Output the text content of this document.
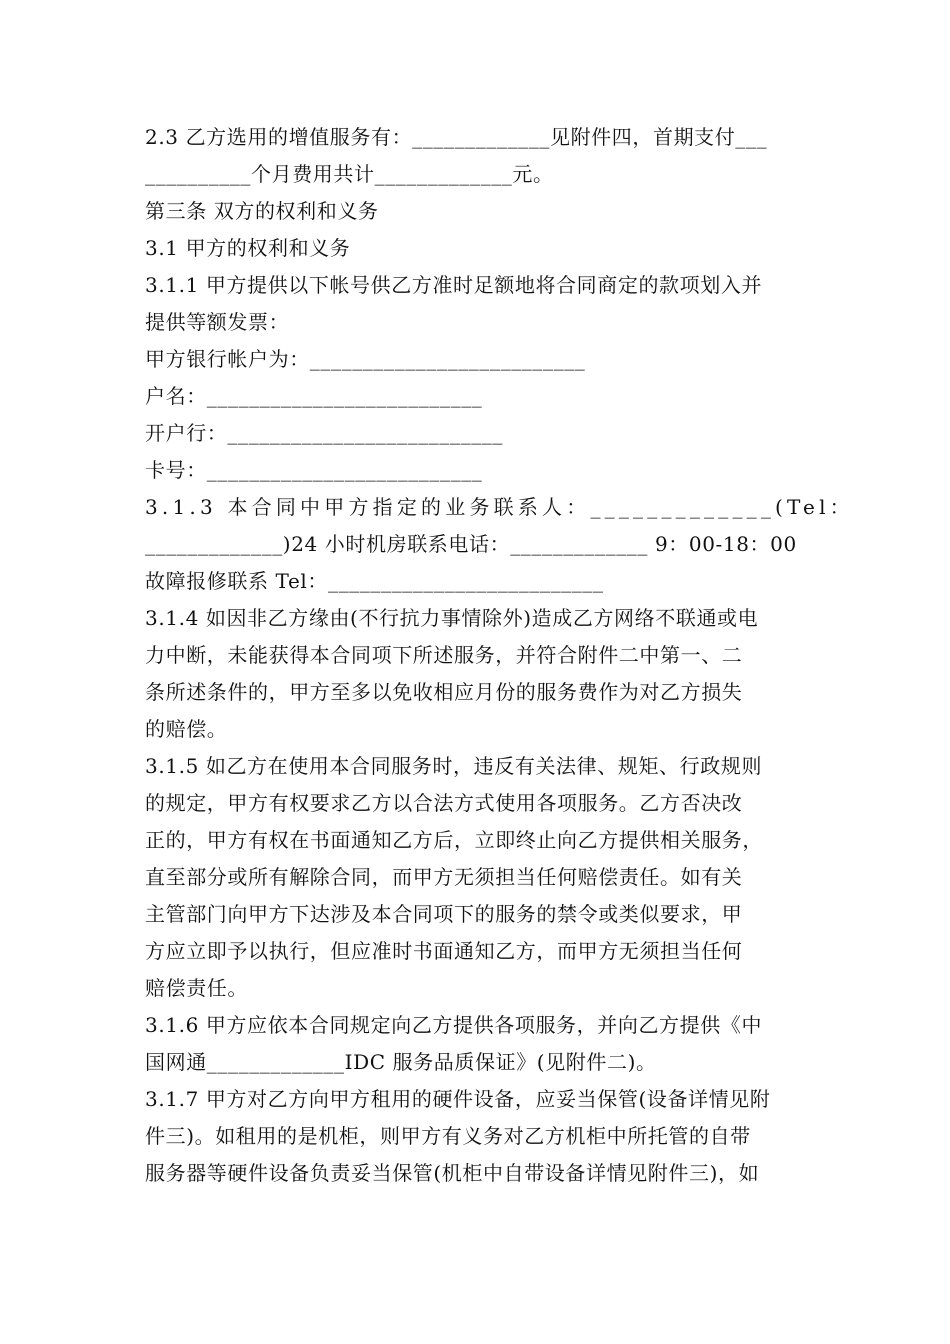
2.3 乙方选用的增值服务有：_____________见附件四，首期支付___
__________个月费用共计_____________元。
第三条 双方的权利和义务
3.1 甲方的权利和义务
3.1.1 甲方提供以下帐号供乙方准时足额地将合同商定的款项划入并
提供等额发票：
甲方银行帐户为：__________________________
户名：__________________________
开户行：__________________________
卡号：__________________________
3.1.3 本合同中甲方指定的业务联系人：_____________(Tel：
_____________)24 小时机房联系电话：_____________ 9：00-18：00
故障报修联系 Tel：__________________________
3.1.4 如因非乙方缘由(不行抗力事情除外)造成乙方网络不联通或电
力中断，未能获得本合同项下所述服务，并符合附件二中第一、二
条所述条件的，甲方至多以免收相应月份的服务费作为对乙方损失
的赔偿。
3.1.5 如乙方在使用本合同服务时，违反有关法律、规矩、行政规则
的规定，甲方有权要求乙方以合法方式使用各项服务。乙方否决改
正的，甲方有权在书面通知乙方后，立即终止向乙方提供相关服务，
直至部分或所有解除合同，而甲方无须担当任何赔偿责任。如有关
主管部门向甲方下达涉及本合同项下的服务的禁令或类似要求，甲
方应立即予以执行，但应准时书面通知乙方，而甲方无须担当任何
赔偿责任。
3.1.6 甲方应依本合同规定向乙方提供各项服务，并向乙方提供《中
国网通_____________IDC 服务品质保证》(见附件二)。
3.1.7 甲方对乙方向甲方租用的硬件设备，应妥当保管(设备详情见附
件三)。如租用的是机柜，则甲方有义务对乙方机柜中所托管的自带
服务器等硬件设备负责妥当保管(机柜中自带设备详情见附件三)，如
